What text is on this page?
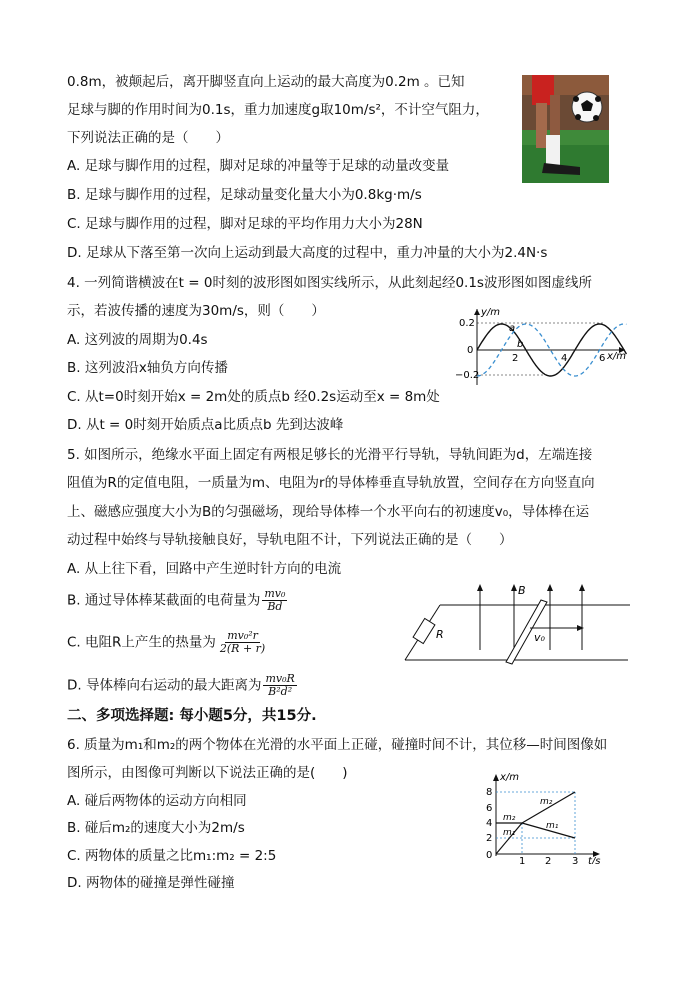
0.8m，被颠起后，离开脚竖直向上运动的最大高度为0.2m 。已知
足球与脚的作用时间为0.1s，重力加速度g取10m/s²，不计空气阻力，
下列说法正确的是（　　）
A. 足球与脚作用的过程，脚对足球的冲量等于足球的动量改变量
B. 足球与脚作用的过程，足球动量变化量大小为0.8kg·m/s
C. 足球与脚作用的过程，脚对足球的平均作用力大小为28N
D. 足球从下落至第一次向上运动到最大高度的过程中，重力冲量的大小为2.4N·s
4. 一列简谐横波在t = 0时刻的波形图如图实线所示，从此刻起经0.1s波形图如图虚线所
示，若波传播的速度为30m/s，则（　　）
A. 这列波的周期为0.4s
B. 这列波沿x轴负方向传播
C. 从t=0时刻开始x = 2m处的质点b 经0.2s运动至x = 8m处
D. 从t = 0时刻开始质点a比质点b 先到达波峰
y/m
x/m
0.2
0
−0.2
2	4	6
a
b
5. 如图所示，绝缘水平面上固定有两根足够长的光滑平行导轨，导轨间距为d，左端连接
阻值为R的定值电阻，一质量为m、电阻为r的导体棒垂直导轨放置，空间存在方向竖直向
上、磁感应强度大小为B的匀强磁场，现给导体棒一个水平向右的初速度v₀，导体棒在运
动过程中始终与导轨接触良好，导轨电阻不计，下列说法正确的是（　　）
A. 从上往下看，回路中产生逆时针方向的电流
B. 通过导体棒某截面的电荷量为 $\frac{\text{mv₀}}{Bd}$
C. 电阻R上产生的热量为 $\frac{\text{mv₀²r}}{2(R + r)}$
D. 导体棒向右运动的最大距离为 $\frac{\text{mv₀R}}{\text{B²d²}}$
R
B
v₀
二、多项选择题: 每小题5分，共15分.
6. 质量为m₁和m₂的两个物体在光滑的水平面上正碰，碰撞时间不计，其位移—时间图像如
图所示，由图像可判断以下说法正确的是(　　)
A. 碰后两物体的运动方向相同
B. 碰后m₂的速度大小为2m/s
C. 两物体的质量之比m₁:m₂ = 2:5
D. 两物体的碰撞是弹性碰撞
x/m
t/s
8
6
4
2
0
1 2 3
m₂
m₁
m₂
m₁
